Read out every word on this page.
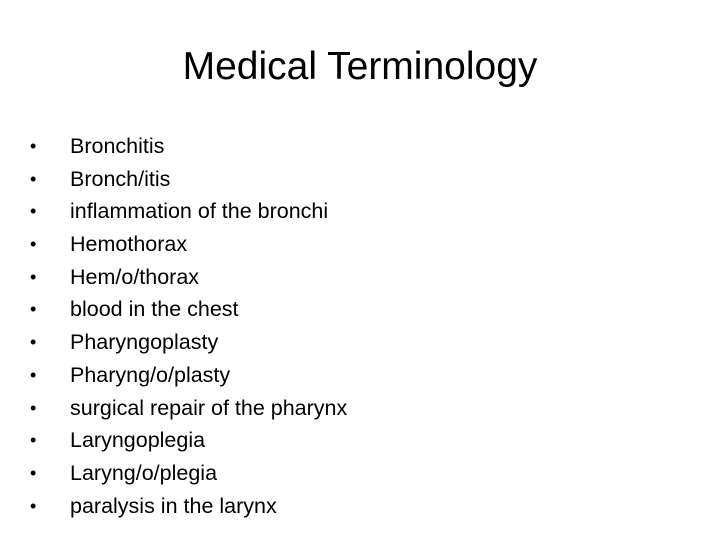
Medical Terminology
• Bronchitis
• Bronch/itis
• inflammation of the bronchi
• Hemothorax
• Hem/o/thorax
• blood in the chest
• Pharyngoplasty
• Pharyng/o/plasty
• surgical repair of the pharynx
• Laryngoplegia
• Laryng/o/plegia
• paralysis in the larynx
